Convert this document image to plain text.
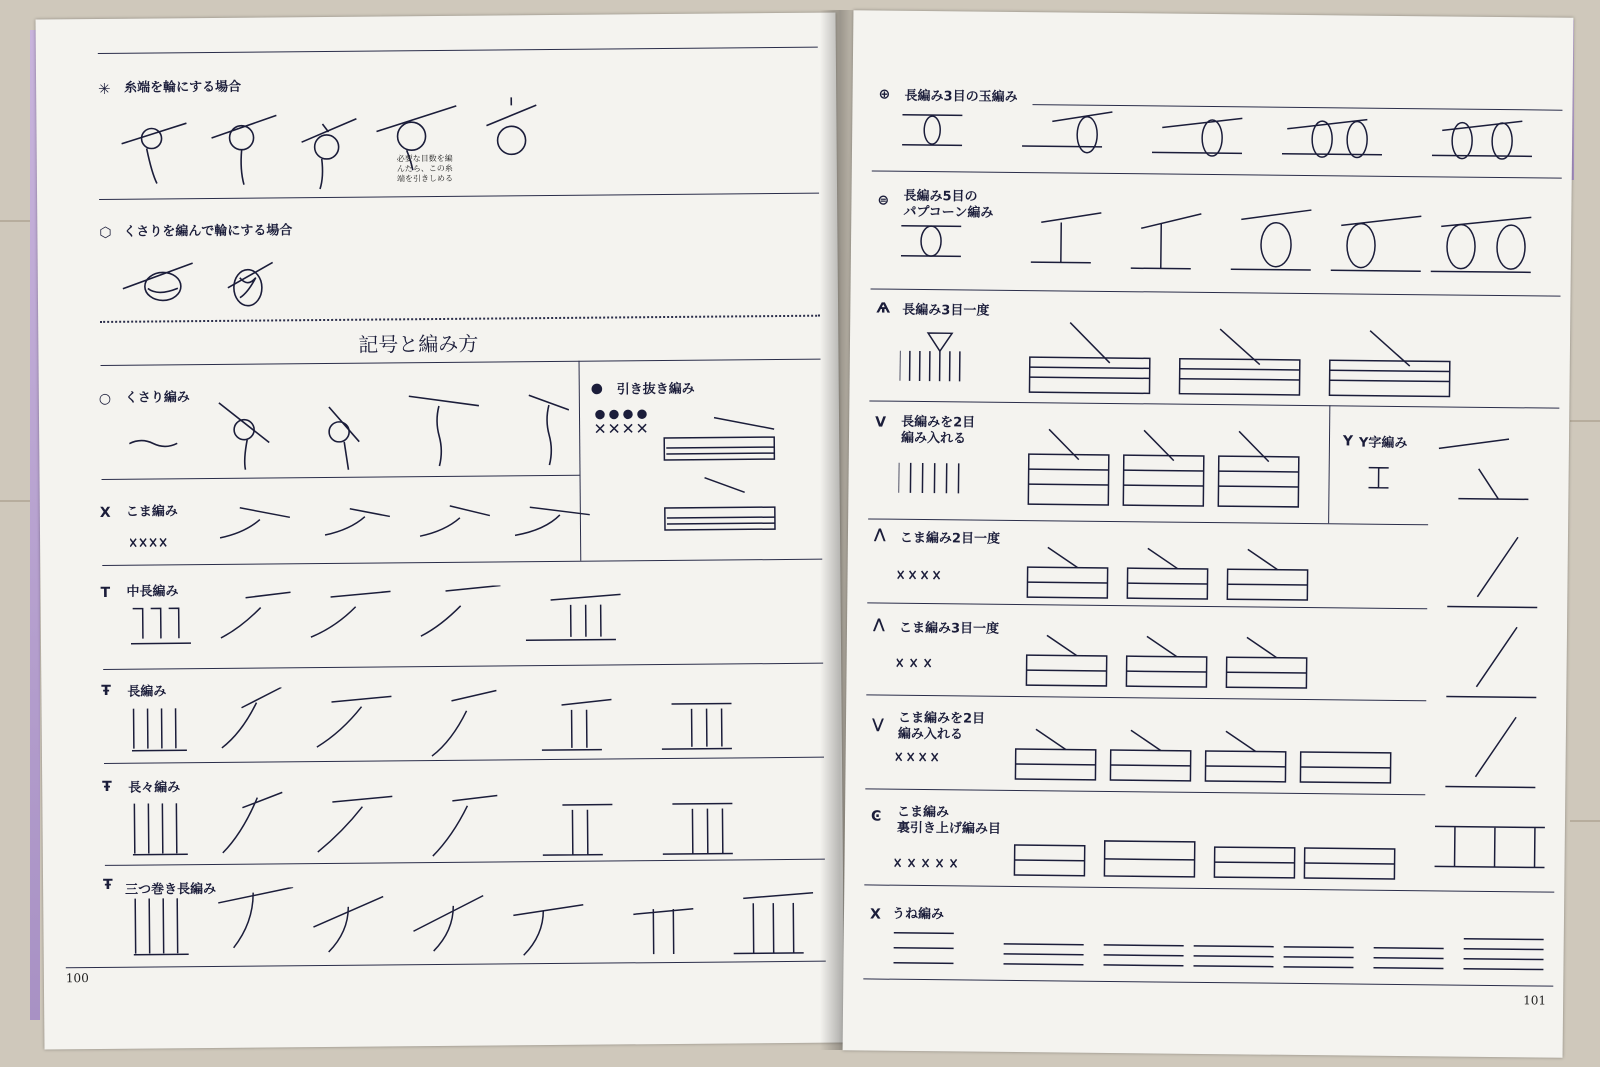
✳ 糸端を輪にする場合
必要な目数を編
んだら、この糸
端を引きしめる
⬡ くさりを編んで輪にする場合
記号と編み方
○ くさり編み
● 引き抜き編み
X こま編み
T 中長編み
Ŧ 長編み
Ŧ 長々編み
Ŧ 三つ巻き長編み
100
⊕ 長編み3目の玉編み
⊜ 長編み5目の
パプコーン編み
Ѧ 長編み3目一度
V 長編みを2目
編み入れる	Y Y字編み
⋀ こま編み2目一度
⋀ こま編み3目一度
⋁ こま編みを2目
編み入れる
Ͼ こま編み
裏引き上げ編み目
X うね編み
101
